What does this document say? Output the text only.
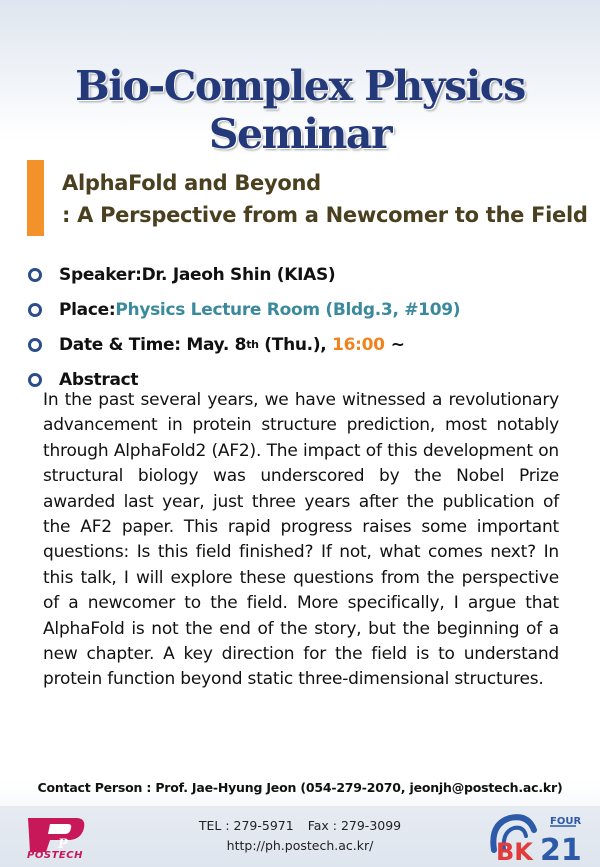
Bio-Complex Physics Seminar
AlphaFold and Beyond
: A Perspective from a Newcomer to the Field
Speaker: Dr. Jaeoh Shin (KIAS)
Place: Physics Lecture Room (Bldg.3, #109)
Date & Time: May. 8 th (Thu.), 16:00 ~
Abstract
In the past several years, we have witnessed a revolutionary advancement in protein structure prediction, most notably through AlphaFold2 (AF2). The impact of this development on structural biology was underscored by the Nobel Prize awarded last year, just three years after the publication of the AF2 paper. This rapid progress raises some important questions: Is this field finished? If not, what comes next? In this talk, I will explore these questions from the perspective of a newcomer to the field. More specifically, I argue that AlphaFold is not the end of the story, but the beginning of a new chapter. A key direction for the field is to understand protein function beyond static three-dimensional structures.
Contact Person : Prof. Jae-Hyung Jeon (054-279-2070, jeonjh@postech.ac.kr)
P
POSTECH
TEL : 279-5971 Fax : 279-3099
http://ph.postech.ac.kr/
FOUR
BK 21
